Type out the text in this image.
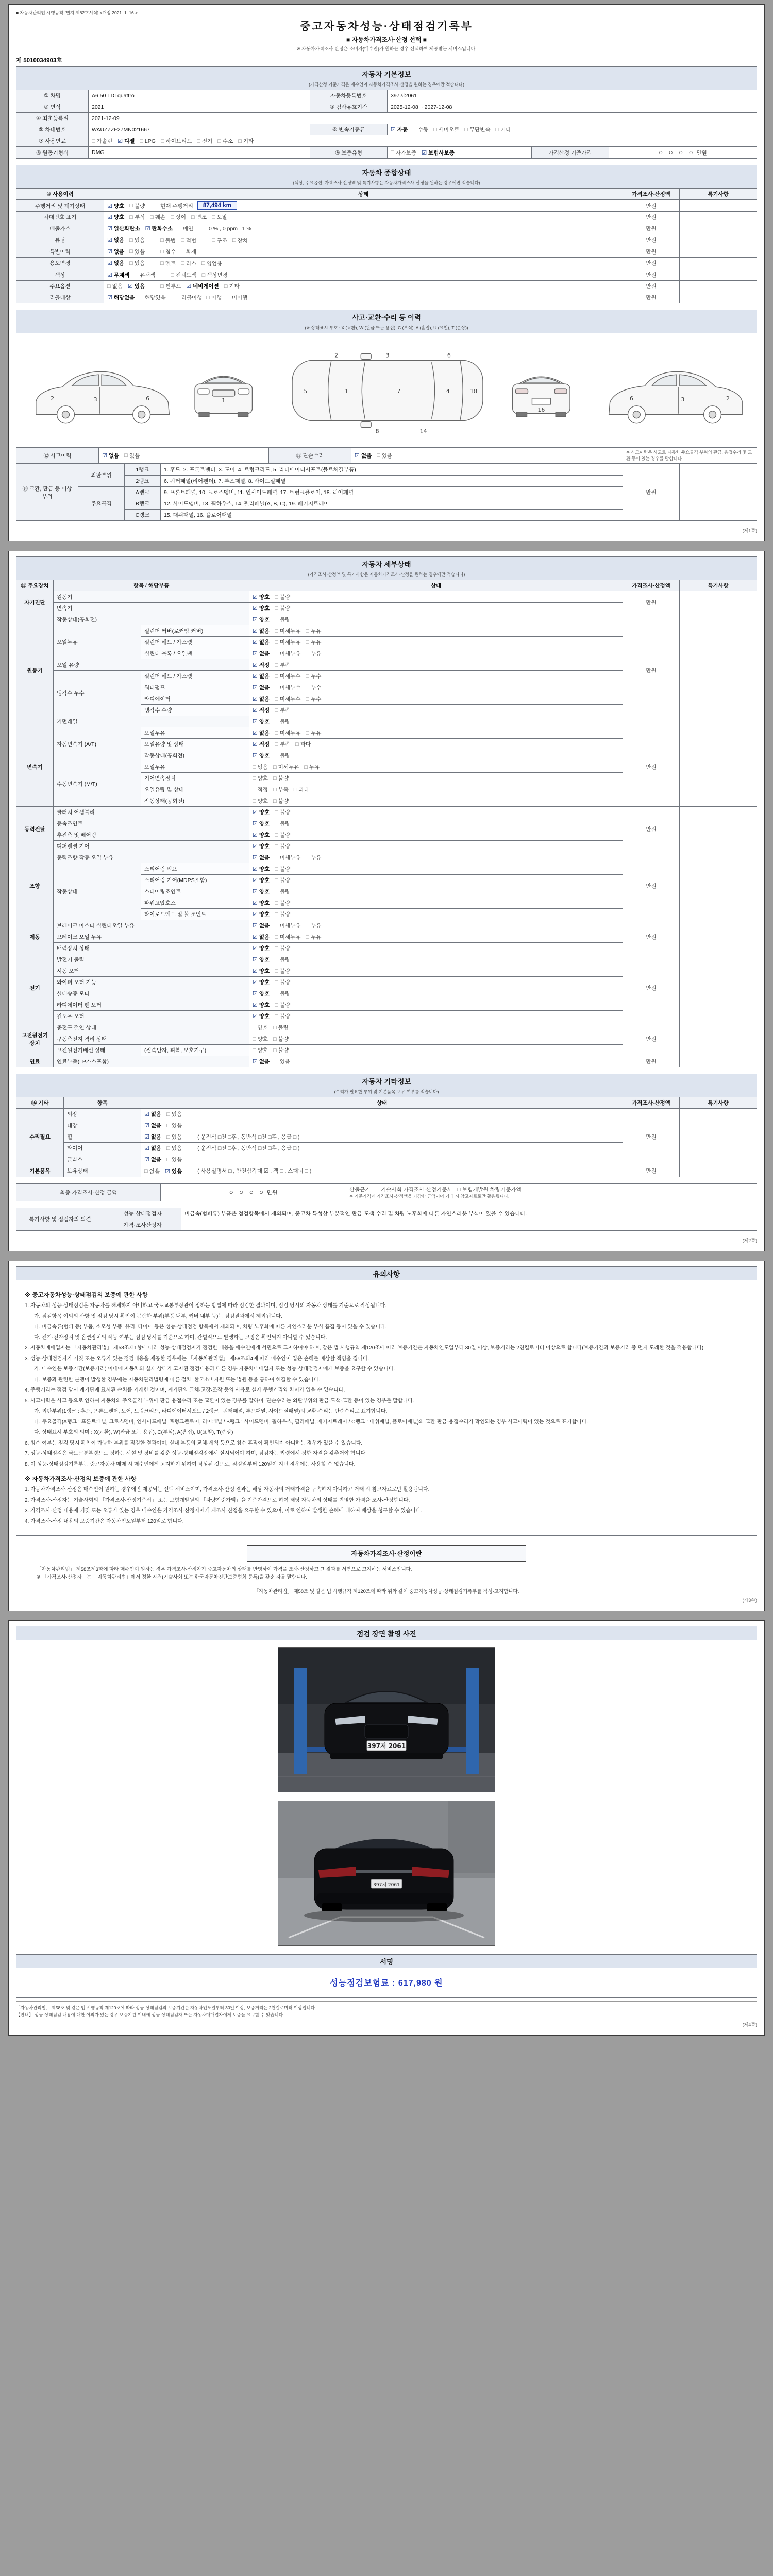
■ 자동차관리법 시행규칙 [별지 제82호서식] <개정 2021. 1. 16.>
중고자동차성능·상태점검기록부
■ 자동차가격조사·산정 선택 ■
※ 자동차가격조사·산정은 소비자(매수인)가 원하는 경우 선택하여 제공받는 서비스입니다.
제 5010034903호
자동차 기본정보
(가격산정 기준가격은 매수인이 자동차가격조사·산정을 원하는 경우에만 적습니다)
① 차명	A6 50 TDI quattro	자동차등록번호	397저2061		
② 연식	2021	③ 검사유효기간	2025-12-08 ~ 2027-12-08		
④ 최초등록일	2021-12-09				
⑤ 차대번호	WAUZZZF27MN021667	⑥ 변속기종류	☑ 자동 □ 수동 □ 세미오토 □ 무단변속 □ 기타

⑦ 사용연료	□ 가솔린 ☑ 디젤 □ LPG □ 하이브리드 □ 전기 □ 수소 □ 기타

⑧ 원동기형식	DMG	⑨ 보증유형	□ 자가보증 ☑ 보험사보증	가격산정 기준가격	○ ○ ○ ○ 만원
자동차 종합상태
(색상, 주요옵션, 가격조사·산정액 및 특기사항은 자동차가격조사·산정을 원하는 경우에만 적습니다)
⑩ 사용이력	상태	가격조사·산정액	특기사항
주행거리 및 계기상태	☑ 양호 □ 불량	현재 주행거리	87,494 km	만원	
차대번호 표기	☑ 양호 □ 부식 □ 훼손 □ 상이 □ 변조 □ 도말	만원	
배출가스	☑ 일산화탄소 ☑ 탄화수소 □ 매연	0 % , 0 ppm , 1 %	만원	
튜닝	☑ 없음 □ 있음	□ 불법 □ 적법	□ 구조 □ 장치	만원	
특별이력	☑ 없음 □ 있음	□ 침수 □ 화재	만원	
용도변경	☑ 없음 □ 있음	□ 렌트 □ 리스 □ 영업용	만원	
색상	☑ 무채색 □ 유채색	□ 전체도색 □ 색상변경	만원	
주요옵션	□ 없음 ☑ 있음	□ 썬루프 ☑ 네비게이션 □ 기타	만원	
리콜대상	☑ 해당없음 □ 해당있음	리콜이행 □ 이행 □ 미이행	만원	
사고·교환·수리 등 이력
(※ 상태표시 부호 : X (교환), W (판금 또는 용접), C (부식), A (흠집), U (요철), T (손상))
2	3	6	1
5	1	7	4	18
2	3	6
8	14
16
2
3
6
⑫ 사고이력	☑ 없음 □ 있음	⑬ 단순수리	☑ 없음 □ 있음
	※ 사고이력은 사고로 자동차 주요골격 부위의 판금, 용접수리 및 교환 등이 있는 경우를 말합니다.
⑭ 교환, 판금 등 이상 부위	외판부위	1랭크	1. 후드, 2. 프론트펜더, 3. 도어, 4. 트렁크리드, 5. 라디에이터서포트(볼트체결부품)	만원	
		2랭크	6. 쿼터패널(리어펜더), 7. 루프패널, 8. 사이드실패널		
	주요골격	A랭크	9. 프론트패널, 10. 크로스멤버, 11. 인사이드패널, 17. 트렁크플로어, 18. 리어패널		
		B랭크	12. 사이드멤버, 13. 휠하우스, 14. 필러패널(A, B, C), 19. 패키지트레이		
		C랭크	15. 대쉬패널, 16. 플로어패널		
(제1쪽)
자동차 세부상태
(가격조사·산정액 및 특기사항은 자동차가격조사·산정을 원하는 경우에만 적습니다)
⑮ 주요장치	항목 / 해당부품		상태	가격조사·산정액	특기사항
자기진단	원동기		☑ 양호 □ 불량	만원	
	변속기		☑ 양호 □ 불량		

원동기	작동상태(공회전)		☑ 양호 □ 불량	만원	
오일누유	실린더 커버(로커암 커버)	☑ 없음 □ 미세누유 □ 누유

실린더 헤드 / 가스켓	☑ 없음 □ 미세누유 □ 누유

실린더 블록 / 오일팬	☑ 없음 □ 미세누유 □ 누유

	오일 유량		☑ 적정 □ 부족		

냉각수 누수	실린더 헤드 / 가스켓	☑ 없음 □ 미세누수 □ 누수

워터펌프	☑ 없음 □ 미세누수 □ 누수

라디에이터	☑ 없음 □ 미세누수 □ 누수

		냉각수 수량	☑ 적정 □ 부족		

	커먼레일		☑ 양호 □ 불량		

변속기	자동변속기 (A/T)	오일누유	☑ 없음 □ 미세누유 □ 누유
	만원	
오일유량 및 상태	☑ 적정 □ 부족 □ 과다

		작동상태(공회전)	☑ 양호 □ 불량		

수동변속기 (M/T)	오일누유	□ 없음 □ 미세누유 □ 누유

		기어변속장치	□ 양호 □ 불량		

오일유량 및 상태	□ 적정 □ 부족 □ 과다

		작동상태(공회전)	□ 양호 □ 불량		

동력전달	클러치 어셈블리		☑ 양호 □ 불량	만원	
	등속조인트		☑ 양호 □ 불량		

	추진축 및 베어링		☑ 양호 □ 불량		

	디퍼렌셜 기어		☑ 양호 □ 불량		

조향	동력조향 작동 오일 누유	☑ 없음 □ 미세누유 □ 누유
	만원	
	작동상태	스티어링 펌프	☑ 양호 □ 불량		

		스티어링 기어(MDPS포함)	☑ 양호 □ 불량		

		스티어링조인트	☑ 양호 □ 불량		

		파워고압호스	☑ 양호 □ 불량		

		타이로드엔드 및 볼 조인트	☑ 양호 □ 불량		

제동	브레이크 마스터 실린더오일 누유	☑ 없음 □ 미세누유 □ 누유
	만원	
브레이크 오일 누유	☑ 없음 □ 미세누유 □ 누유

	배력장치 상태		☑ 양호 □ 불량		

전기	발전기 출력		☑ 양호 □ 불량	만원	
	시동 모터		☑ 양호 □ 불량		

	와이퍼 모터 기능		☑ 양호 □ 불량		

	실내송풍 모터		☑ 양호 □ 불량		

	라디에이터 팬 모터		☑ 양호 □ 불량		

	윈도우 모터		☑ 양호 □ 불량		

고전원전기장치	충전구 절연 상태		□ 양호 □ 불량	만원	
	구동축전지 격리 상태		□ 양호 □ 불량		

	고전원전기배선 상태	(접속단자, 피복, 보호기구)	□ 양호 □ 불량		

연료	연료누출(LP가스포함)		☑ 없음 □ 있음	만원	
자동차 기타정보
(수리가 필요한 부위 및 기본품목 보유 여부를 적습니다)
⑯ 기타	항목	상태	가격조사·산정액	특기사항
수리필요	외장	☑ 없음 □ 있음	만원	
	내장	☑ 없음 □ 있음		

	휠	☑ 없음 □ 있음 ( 운전석 □전 □후 , 동반석 □전 □후 , 응급 □ )		

	타이어	☑ 없음 □ 있음 ( 운전석 □전 □후 , 동반석 □전 □후 , 응급 □ )		

	글라스	☑ 없음 □ 있음		

기본품목	보유상태	□ 없음 ☑ 있음 ( 사용설명서 □ , 안전삼각대 ☑ , 잭 □ , 스패너 □ )	만원	
최종 가격조사·산정 금액	○ ○ ○ ○ 만원	산출근거 □ 기술사회 가격조사·산정기준서 □ 보험개발원 차량기준가액
※ 기준가격에 가격조사·산정액을 가감한 금액이며 거래 시 참고자료로만 활용됩니다.
특기사항 및 점검자의 의견	성능·상태점검자	비금속(범퍼류) 부품은 점검항목에서 제외되며, 중고차 특성상 부분적인 판금·도색 수리 및 차량 노후화에 따른 자연스러운 부식이 있을 수 있습니다.
	가격·조사산정자	
(제2쪽)
유의사항
※ 중고자동차성능·상태점검의 보증에 관한 사항
1. 자동차의 성능·상태점검은 자동차를 해체하지 아니하고 국토교통부장관이 정하는 방법에 따라 점검한 결과이며, 점검 당시의 자동차 상태를 기준으로 작성됩니다.
가. 점검항목 이외의 사항 및 점검 당시 확인이 곤란한 부위(부품 내부, 커버 내부 등)는 점검결과에서 제외됩니다.
나. 비금속류(범퍼 등) 부품, 소모성 부품, 유리, 타이어 등은 성능·상태점검 항목에서 제외되며, 차량 노후화에 따른 자연스러운 부식·흠집 등이 있을 수 있습니다.
다. 전기·전자장치 및 옵션장치의 작동 여부는 점검 당시를 기준으로 하며, 간헐적으로 발생하는 고장은 확인되지 아니할 수 있습니다.
2. 자동차매매업자는 「자동차관리법」 제58조제1항에 따라 성능·상태점검자가 점검한 내용을 매수인에게 서면으로 고지하여야 하며, 같은 법 시행규칙 제120조에 따라 보증기간은 자동차인도일부터 30일 이상, 보증거리는 2천킬로미터 이상으로 합니다(보증기간과 보증거리 중 먼저 도래한 것을 적용합니다).
3. 성능·상태점검자가 거짓 또는 오류가 있는 점검내용을 제공한 경우에는 「자동차관리법」 제58조의4에 따라 매수인이 입은 손해를 배상할 책임을 집니다.
가. 매수인은 보증기간(보증거리) 이내에 자동차의 실제 상태가 고지된 점검내용과 다른 경우 자동차매매업자 또는 성능·상태점검자에게 보증을 요구할 수 있습니다.
나. 보증과 관련한 분쟁이 발생한 경우에는 자동차관리법령에 따른 절차, 한국소비자원 또는 법원 등을 통하여 해결할 수 있습니다.
4. 주행거리는 점검 당시 계기판에 표시된 수치를 기재한 것이며, 계기판의 교체·고장·조작 등의 사유로 실제 주행거리와 차이가 있을 수 있습니다.
5. 사고이력은 사고 등으로 인하여 자동차의 주요골격 부위에 판금·용접수리 또는 교환이 있는 경우를 말하며, 단순수리는 외판부위의 판금·도색·교환 등이 있는 경우를 말합니다.
가. 외판부위(1랭크 : 후드, 프론트펜더, 도어, 트렁크리드, 라디에이터서포트 / 2랭크 : 쿼터패널, 루프패널, 사이드실패널)의 교환·수리는 단순수리로 표기합니다.
나. 주요골격(A랭크 : 프론트패널, 크로스멤버, 인사이드패널, 트렁크플로어, 리어패널 / B랭크 : 사이드멤버, 휠하우스, 필러패널, 패키지트레이 / C랭크 : 대쉬패널, 플로어패널)의 교환·판금·용접수리가 확인되는 경우 사고이력이 있는 것으로 표기합니다.
다. 상태표시 부호의 의미 : X(교환), W(판금 또는 용접), C(부식), A(흠집), U(요철), T(손상)
6. 침수 여부는 점검 당시 확인이 가능한 부위를 점검한 결과이며, 실내 부품의 교체·세척 등으로 침수 흔적이 확인되지 아니하는 경우가 있을 수 있습니다.
7. 성능·상태점검은 국토교통부령으로 정하는 시설 및 장비를 갖춘 성능·상태점검장에서 실시되어야 하며, 점검자는 법령에서 정한 자격을 갖추어야 합니다.
8. 이 성능·상태점검기록부는 중고자동차 매매 시 매수인에게 고지하기 위하여 작성된 것으로, 점검일부터 120일이 지난 경우에는 사용할 수 없습니다.
※ 자동차가격조사·산정의 보증에 관한 사항
1. 자동차가격조사·산정은 매수인이 원하는 경우에만 제공되는 선택 서비스이며, 가격조사·산정 결과는 해당 자동차의 거래가격을 구속하지 아니하고 거래 시 참고자료로만 활용됩니다.
2. 가격조사·산정자는 기술사회의 「가격조사·산정기준서」 또는 보험개발원의 「차량기준가액」을 기준가격으로 하여 해당 자동차의 상태를 반영한 가격을 조사·산정합니다.
3. 가격조사·산정 내용에 거짓 또는 오류가 있는 경우 매수인은 가격조사·산정자에게 재조사·산정을 요구할 수 있으며, 이로 인하여 발생한 손해에 대하여 배상을 청구할 수 있습니다.
4. 가격조사·산정 내용의 보증기간은 자동차인도일부터 120일로 합니다.
자동차가격조사·산정이란
「자동차관리법」 제58조제3항에 따라 매수인이 원하는 경우 가격조사·산정자가 중고자동차의 상태를 반영하여 가격을 조사·산정하고 그 결과를 서면으로 고지하는 서비스입니다.
※ 「가격조사·산정자」는 「자동차관리법」에서 정한 자격(기술사회 또는 한국자동차진단보증협회 등록)을 갖춘 자를 말합니다.
「자동차관리법」 제58조 및 같은 법 시행규칙 제120조에 따라 위와 같이 중고자동차성능·상태점검기록부를 작성·고지합니다.
(제3쪽)
점검 장면 촬영 사진
397저 2061
397저 2061
서명
성능점검보험료 : 617,980 원
「자동차관리법」 제58조 및 같은 법 시행규칙 제120조에 따라 성능·상태점검의 보증기간은 자동차인도일부터 30일 이상, 보증거리는 2천킬로미터 이상입니다.
【안내】 성능·상태점검 내용에 대한 이의가 있는 경우 보증기간 이내에 성능·상태점검자 또는 자동차매매업자에게 보증을 요구할 수 있습니다.
(제4쪽)
